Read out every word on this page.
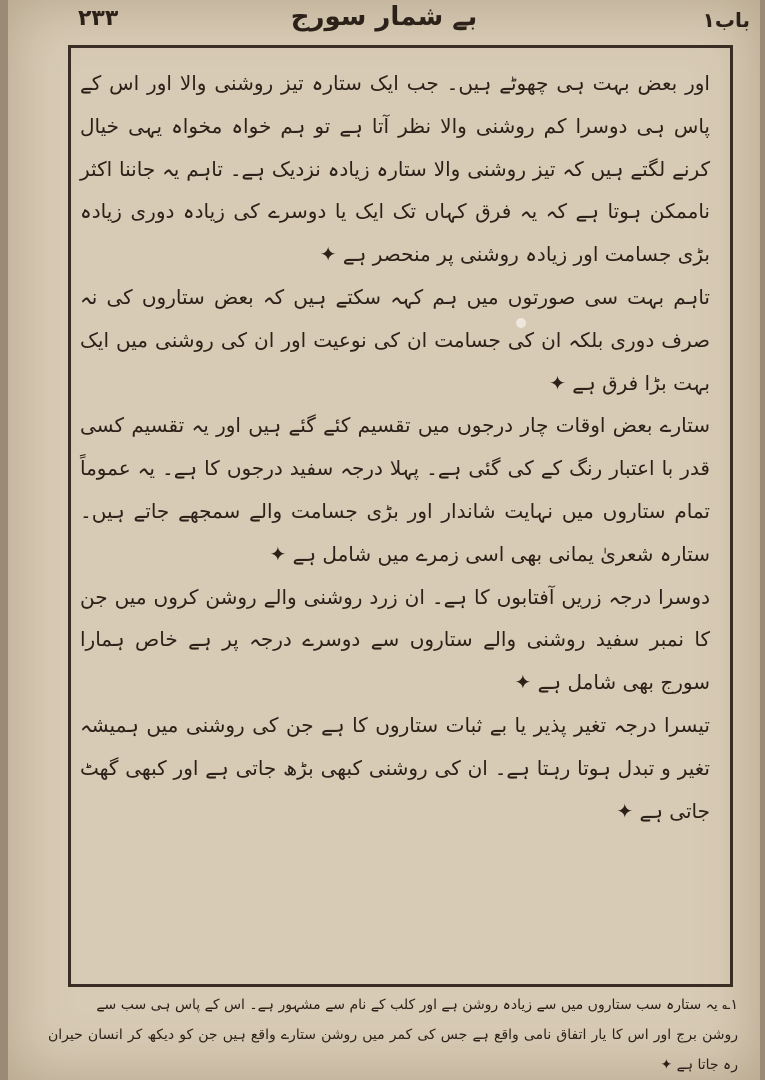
۲۳۳	بے شمار سورج	باب۱

اور بعض بہت ہی چھوٹے ہیں۔ جب ایک ستارہ تیز روشنی والا اور اس کے پاس ہی دوسرا کم روشنی والا نظر آتا ہے تو ہم خواہ مخواہ یہی خیال کرنے لگتے ہیں کہ تیز روشنی والا ستارہ زیادہ نزدیک ہے۔ تاہم یہ جاننا اکثر ناممکن ہوتا ہے کہ یہ فرق کہاں تک ایک یا دوسرے کی زیادہ دوری زیادہ بڑی جسامت اور زیادہ روشنی پر منحصر ہے ✦

تاہم بہت سی صورتوں میں ہم کہہ سکتے ہیں کہ بعض ستاروں کی نہ صرف دوری بلکہ ان کی جسامت ان کی نوعیت اور ان کی روشنی میں ایک بہت بڑا فرق ہے ✦

ستارے بعض اوقات چار درجوں میں تقسیم کئے گئے ہیں اور یہ تقسیم کسی قدر با اعتبار رنگ کے کی گئی ہے۔ پہلا درجہ سفید درجوں کا ہے۔ یہ عموماً تمام ستاروں میں نہایت شاندار اور بڑی جسامت والے سمجھے جاتے ہیں۔ ستارہ شعریٰ یمانی بھی اسی زمرے میں شامل ہے ✦

دوسرا درجہ زریں آفتابوں کا ہے۔ ان زرد روشنی والے روشن کروں میں جن کا نمبر سفید روشنی والے ستاروں سے دوسرے درجہ پر ہے خاص ہمارا سورج بھی شامل ہے ✦

تیسرا درجہ تغیر پذیر یا بے ثبات ستاروں کا ہے جن کی روشنی میں ہمیشہ تغیر و تبدل ہوتا رہتا ہے۔ ان کی روشنی کبھی بڑھ جاتی ہے اور کبھی گھٹ جاتی ہے ✦

۱؎ یہ ستارہ سب ستاروں میں سے زیادہ روشن ہے اور کلب کے نام سے مشہور ہے۔ اس کے پاس ہی سب سے

روشن برج اور اس کا یار اتفاق نامی واقع ہے جس کی کمر میں روشن ستارے واقع ہیں جن کو دیکھ کر انسان حیران رہ جاتا ہے ✦
